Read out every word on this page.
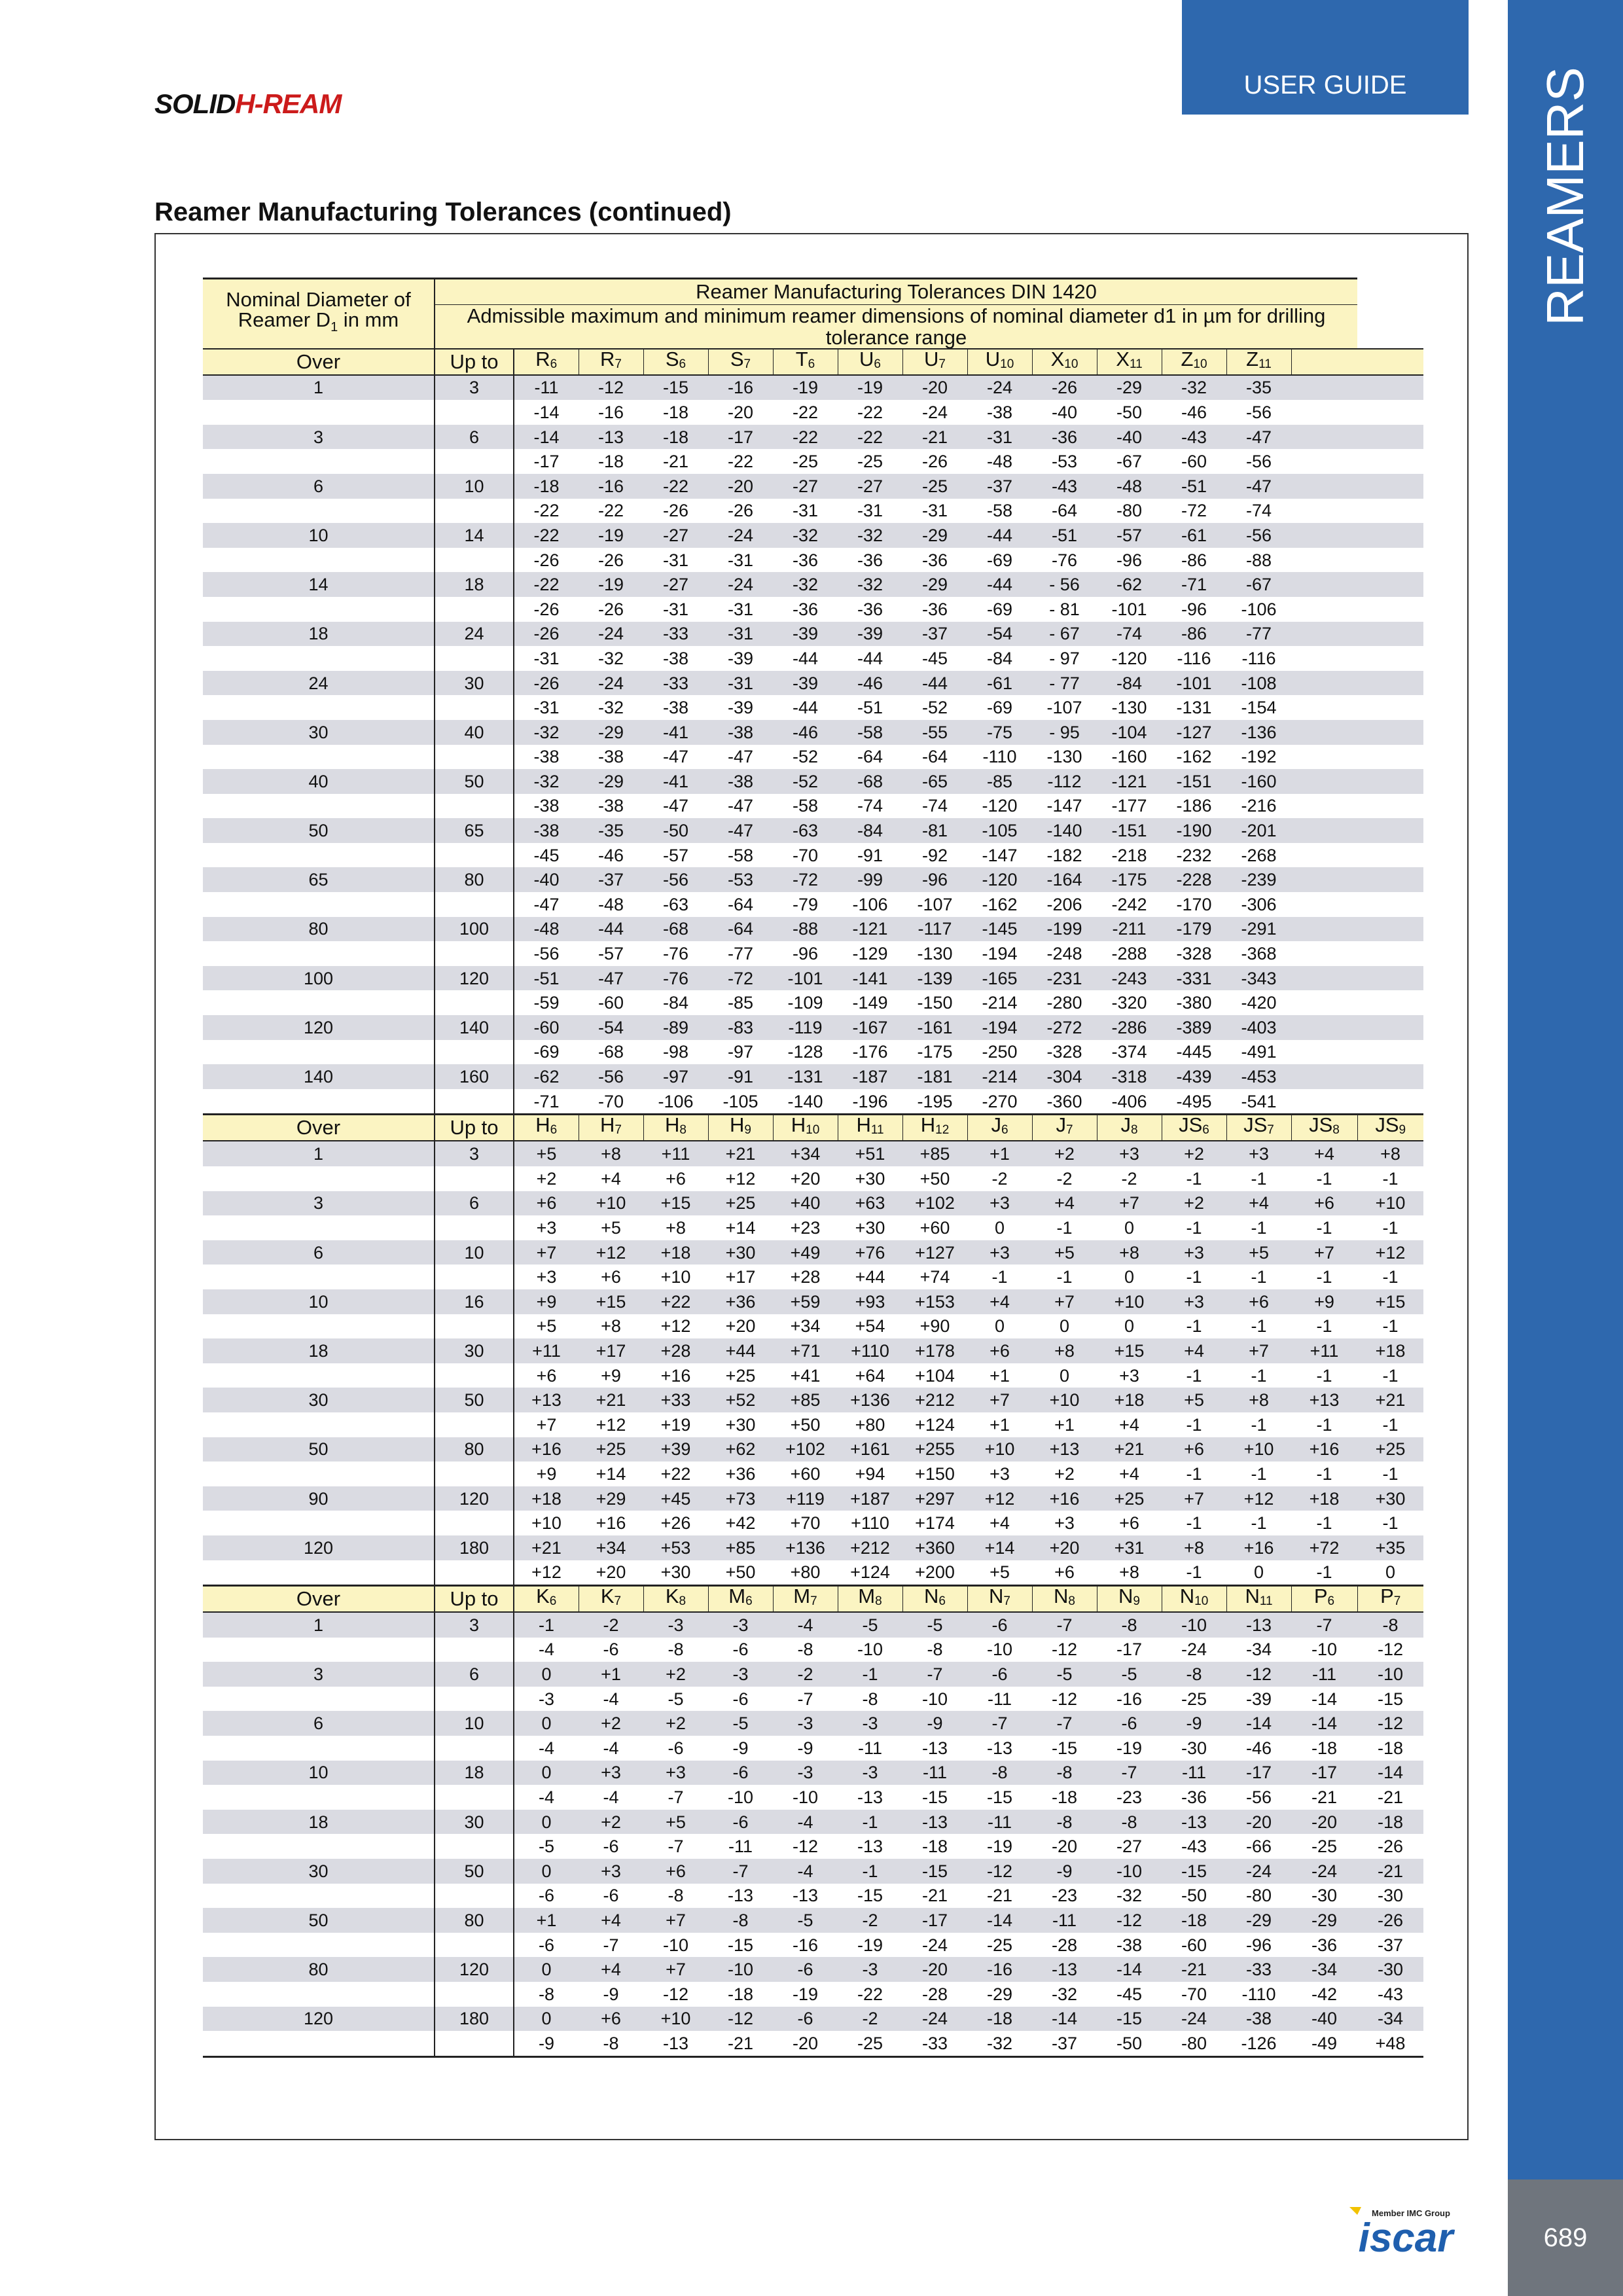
SOLIDH-REAM
USER GUIDE REAMERS
689
Reamer Manufacturing Tolerances (continued)
Nominal Diameter of
Reamer $D_1$ in mm	Reamer Manufacturing Tolerances DIN 1420														
	Admissible maximum and minimum reamer dimensions of nominal diameter d1 in µm for drilling tolerance range														

Over	Up to	$R_6$	$R_7$	$S_6$	$S_7$	$T_6$	$U_6$	$U_7$	$U_{10}$	$X_{10}$	$X_{11}$	$Z_{10}$	$Z_{11}$		
1	3	-11	-12	-15	-16	-19	-19	-20	-24	-26	-29	-32	-35		
		-14	-16	-18	-20	-22	-22	-24	-38	-40	-50	-46	-56		
3	6	-14	-13	-18	-17	-22	-22	-21	-31	-36	-40	-43	-47		
		-17	-18	-21	-22	-25	-25	-26	-48	-53	-67	-60	-56		
6	10	-18	-16	-22	-20	-27	-27	-25	-37	-43	-48	-51	-47		
		-22	-22	-26	-26	-31	-31	-31	-58	-64	-80	-72	-74		
10	14	-22	-19	-27	-24	-32	-32	-29	-44	-51	-57	-61	-56		
		-26	-26	-31	-31	-36	-36	-36	-69	-76	-96	-86	-88		
14	18	-22	-19	-27	-24	-32	-32	-29	-44	- 56	-62	-71	-67		
		-26	-26	-31	-31	-36	-36	-36	-69	- 81	-101	-96	-106		
18	24	-26	-24	-33	-31	-39	-39	-37	-54	- 67	-74	-86	-77		
		-31	-32	-38	-39	-44	-44	-45	-84	- 97	-120	-116	-116		
24	30	-26	-24	-33	-31	-39	-46	-44	-61	- 77	-84	-101	-108		
		-31	-32	-38	-39	-44	-51	-52	-69	-107	-130	-131	-154		
30	40	-32	-29	-41	-38	-46	-58	-55	-75	- 95	-104	-127	-136		
		-38	-38	-47	-47	-52	-64	-64	-110	-130	-160	-162	-192		
40	50	-32	-29	-41	-38	-52	-68	-65	-85	-112	-121	-151	-160		
		-38	-38	-47	-47	-58	-74	-74	-120	-147	-177	-186	-216		
50	65	-38	-35	-50	-47	-63	-84	-81	-105	-140	-151	-190	-201		
		-45	-46	-57	-58	-70	-91	-92	-147	-182	-218	-232	-268		
65	80	-40	-37	-56	-53	-72	-99	-96	-120	-164	-175	-228	-239		
		-47	-48	-63	-64	-79	-106	-107	-162	-206	-242	-170	-306		
80	100	-48	-44	-68	-64	-88	-121	-117	-145	-199	-211	-179	-291		
		-56	-57	-76	-77	-96	-129	-130	-194	-248	-288	-328	-368		
100	120	-51	-47	-76	-72	-101	-141	-139	-165	-231	-243	-331	-343		
		-59	-60	-84	-85	-109	-149	-150	-214	-280	-320	-380	-420		
120	140	-60	-54	-89	-83	-119	-167	-161	-194	-272	-286	-389	-403		
		-69	-68	-98	-97	-128	-176	-175	-250	-328	-374	-445	-491		
140	160	-62	-56	-97	-91	-131	-187	-181	-214	-304	-318	-439	-453		
		-71	-70	-106	-105	-140	-196	-195	-270	-360	-406	-495	-541		
Over	Up to	$H_6$	$H_7$	$H_8$	$H_9$	$H_{10}$	$H_{11}$	$H_{12}$	$J_6$	$J_7$	$J_8$	$JS_6$	$JS_7$	$JS_8$	$JS_9$
1	3	+5	+8	+11	+21	+34	+51	+85	+1	+2	+3	+2	+3	+4	+8
		+2	+4	+6	+12	+20	+30	+50	-2	-2	-2	-1	-1	-1	-1
3	6	+6	+10	+15	+25	+40	+63	+102	+3	+4	+7	+2	+4	+6	+10
		+3	+5	+8	+14	+23	+30	+60	0	-1	0	-1	-1	-1	-1
6	10	+7	+12	+18	+30	+49	+76	+127	+3	+5	+8	+3	+5	+7	+12
		+3	+6	+10	+17	+28	+44	+74	-1	-1	0	-1	-1	-1	-1
10	16	+9	+15	+22	+36	+59	+93	+153	+4	+7	+10	+3	+6	+9	+15
		+5	+8	+12	+20	+34	+54	+90	0	0	0	-1	-1	-1	-1
18	30	+11	+17	+28	+44	+71	+110	+178	+6	+8	+15	+4	+7	+11	+18
		+6	+9	+16	+25	+41	+64	+104	+1	0	+3	-1	-1	-1	-1
30	50	+13	+21	+33	+52	+85	+136	+212	+7	+10	+18	+5	+8	+13	+21
		+7	+12	+19	+30	+50	+80	+124	+1	+1	+4	-1	-1	-1	-1
50	80	+16	+25	+39	+62	+102	+161	+255	+10	+13	+21	+6	+10	+16	+25
		+9	+14	+22	+36	+60	+94	+150	+3	+2	+4	-1	-1	-1	-1
90	120	+18	+29	+45	+73	+119	+187	+297	+12	+16	+25	+7	+12	+18	+30
		+10	+16	+26	+42	+70	+110	+174	+4	+3	+6	-1	-1	-1	-1
120	180	+21	+34	+53	+85	+136	+212	+360	+14	+20	+31	+8	+16	+72	+35
		+12	+20	+30	+50	+80	+124	+200	+5	+6	+8	-1	0	-1	0
Over	Up to	$K_6$	$K_7$	$K_8$	$M_6$	$M_7$	$M_8$	$N_6$	$N_7$	$N_8$	$N_9$	$N_{10}$	$N_{11}$	$P_6$	$P_7$
1	3	-1	-2	-3	-3	-4	-5	-5	-6	-7	-8	-10	-13	-7	-8
		-4	-6	-8	-6	-8	-10	-8	-10	-12	-17	-24	-34	-10	-12
3	6	0	+1	+2	-3	-2	-1	-7	-6	-5	-5	-8	-12	-11	-10
		-3	-4	-5	-6	-7	-8	-10	-11	-12	-16	-25	-39	-14	-15
6	10	0	+2	+2	-5	-3	-3	-9	-7	-7	-6	-9	-14	-14	-12
		-4	-4	-6	-9	-9	-11	-13	-13	-15	-19	-30	-46	-18	-18
10	18	0	+3	+3	-6	-3	-3	-11	-8	-8	-7	-11	-17	-17	-14
		-4	-4	-7	-10	-10	-13	-15	-15	-18	-23	-36	-56	-21	-21
18	30	0	+2	+5	-6	-4	-1	-13	-11	-8	-8	-13	-20	-20	-18
		-5	-6	-7	-11	-12	-13	-18	-19	-20	-27	-43	-66	-25	-26
30	50	0	+3	+6	-7	-4	-1	-15	-12	-9	-10	-15	-24	-24	-21
		-6	-6	-8	-13	-13	-15	-21	-21	-23	-32	-50	-80	-30	-30
50	80	+1	+4	+7	-8	-5	-2	-17	-14	-11	-12	-18	-29	-29	-26
		-6	-7	-10	-15	-16	-19	-24	-25	-28	-38	-60	-96	-36	-37
80	120	0	+4	+7	-10	-6	-3	-20	-16	-13	-14	-21	-33	-34	-30
		-8	-9	-12	-18	-19	-22	-28	-29	-32	-45	-70	-110	-42	-43
120	180	0	+6	+10	-12	-6	-2	-24	-18	-14	-15	-24	-38	-40	-34
		-9	-8	-13	-21	-20	-25	-33	-32	-37	-50	-80	-126	-49	+48
Member IMC Group
iscar
